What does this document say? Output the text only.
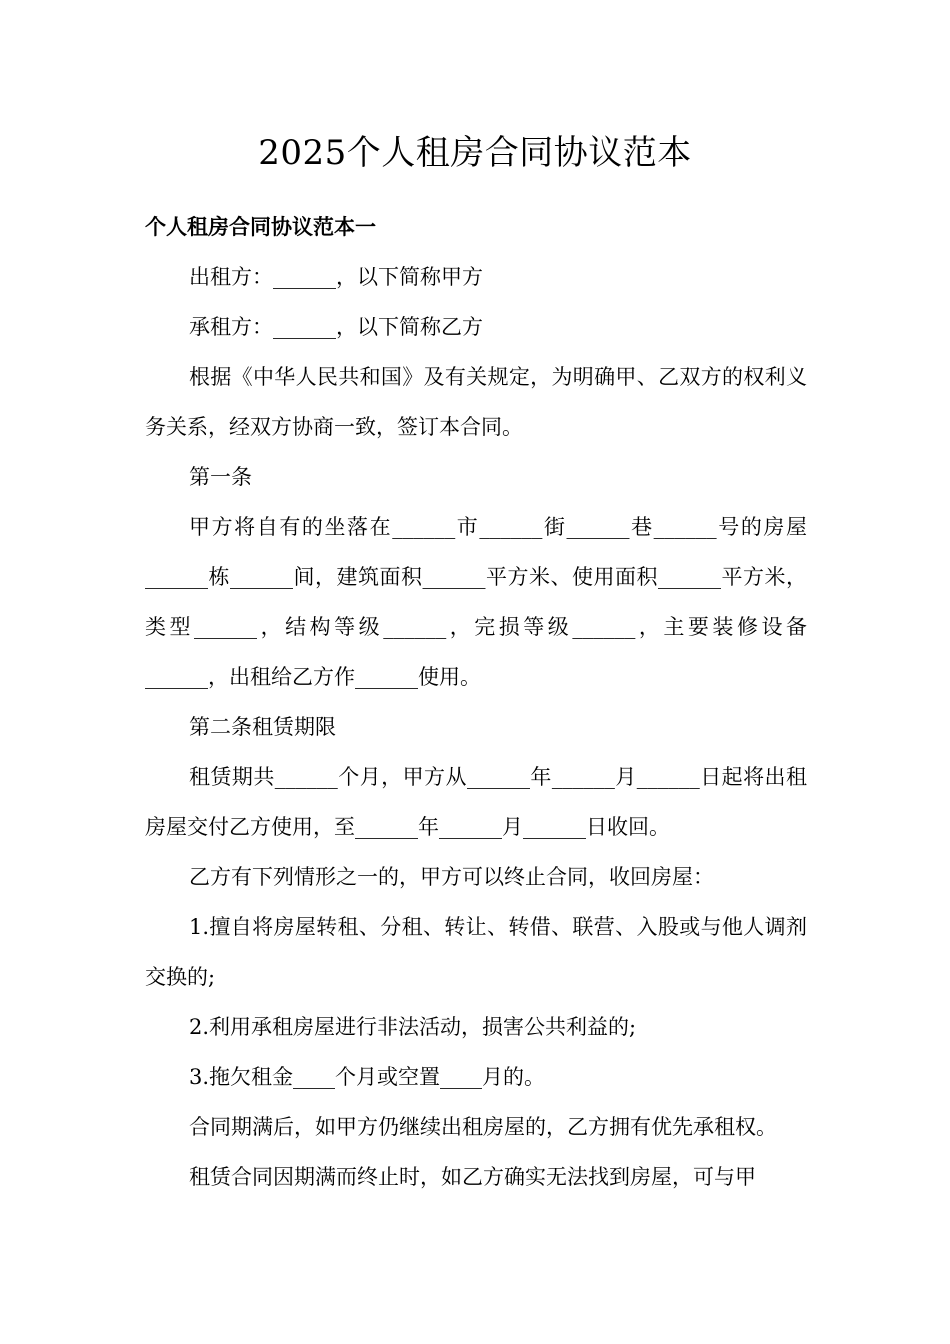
2025个人租房合同协议范本

个人租房合同协议范本一

出租方：______，以下简称甲方

承租方：______，以下简称乙方

根据《中华人民共和国》及有关规定，为明确甲、乙双方的权利义务关系，经双方协商一致，签订本合同。

第一条

甲方将自有的坐落在______市______街______巷______号的房屋______栋______间，建筑面积______平方米、使用面积______平方米，类型______，结构等级______，完损等级______，主要装修设备______，出租给乙方作______使用。

第二条租赁期限

租赁期共______个月，甲方从______年______月______日起将出租房屋交付乙方使用，至______年______月______日收回。

乙方有下列情形之一的，甲方可以终止合同，收回房屋：

1.擅自将房屋转租、分租、转让、转借、联营、入股或与他人调剂交换的;

2.利用承租房屋进行非法活动，损害公共利益的;

3.拖欠租金____个月或空置____月的。

合同期满后，如甲方仍继续出租房屋的，乙方拥有优先承租权。

租赁合同因期满而终止时，如乙方确实无法找到房屋，可与甲
